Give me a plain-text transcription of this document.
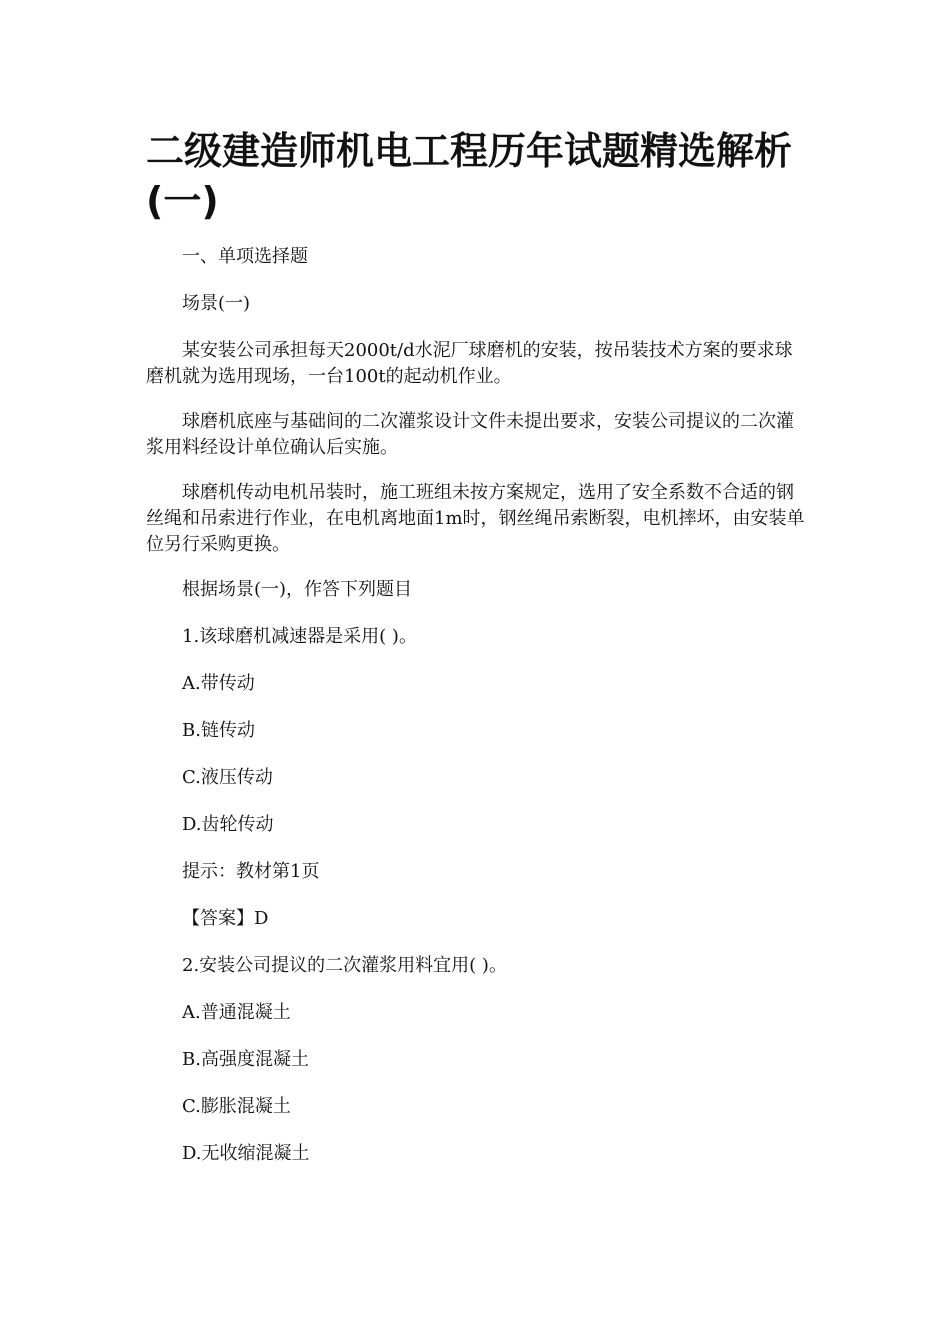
二级建造师机电工程历年试题精选解析(一)

一、单项选择题

场景(一)

某安装公司承担每天2000t/d水泥厂球磨机的安装，按吊装技术方案的要求球磨机就为选用现场，一台100t的起动机作业。

球磨机底座与基础间的二次灌浆设计文件未提出要求，安装公司提议的二次灌浆用料经设计单位确认后实施。

球磨机传动电机吊装时，施工班组未按方案规定，选用了安全系数不合适的钢丝绳和吊索进行作业，在电机离地面1m时，钢丝绳吊索断裂，电机摔坏，由安装单位另行采购更换。

根据场景(一)，作答下列题目

1.该球磨机减速器是采用( )。

A.带传动

B.链传动

C.液压传动

D.齿轮传动

提示：教材第1页

【答案】D

2.安装公司提议的二次灌浆用料宜用( )。

A.普通混凝土

B.高强度混凝土

C.膨胀混凝土

D.无收缩混凝土
